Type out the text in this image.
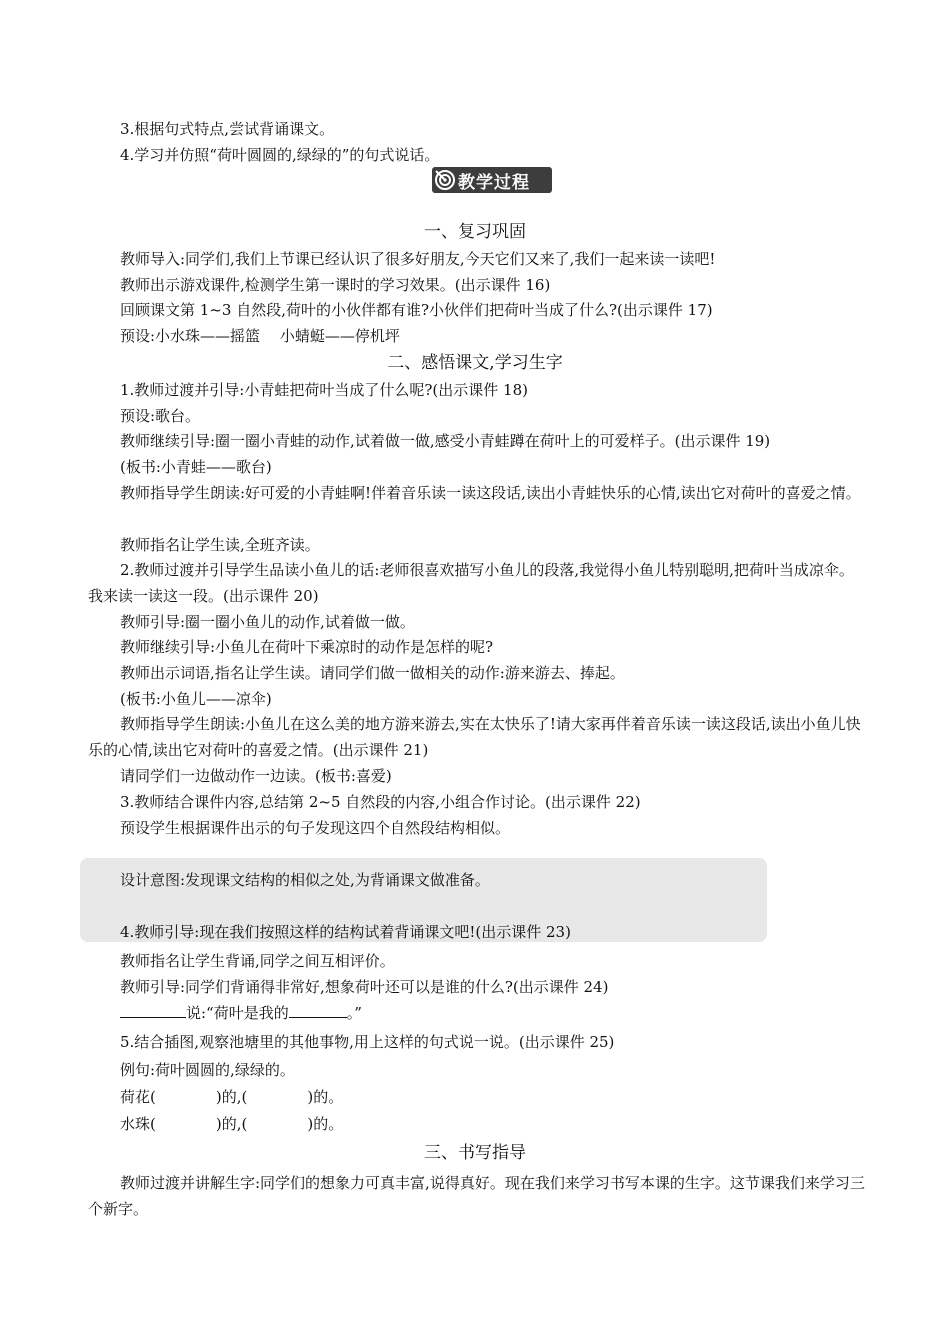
3.根据句式特点,尝试背诵课文。
4.学习并仿照“荷叶圆圆的,绿绿的”的句式说话。
教学过程
一、复习巩固
教师导入:同学们,我们上节课已经认识了很多好朋友,今天它们又来了,我们一起来读一读吧!
教师出示游戏课件,检测学生第一课时的学习效果。(出示课件 16)
回顾课文第 1~3 自然段,荷叶的小伙伴都有谁?小伙伴们把荷叶当成了什么?(出示课件 17)
预设:小水珠——摇篮　 小蜻蜓——停机坪
二、感悟课文,学习生字
1.教师过渡并引导:小青蛙把荷叶当成了什么呢?(出示课件 18)
预设:歌台。
教师继续引导:圈一圈小青蛙的动作,试着做一做,感受小青蛙蹲在荷叶上的可爱样子。(出示课件 19)
(板书:小青蛙——歌台)
教师指导学生朗读:好可爱的小青蛙啊!伴着音乐读一读这段话,读出小青蛙快乐的心情,读出它对荷叶的喜爱之情。
教师指名让学生读,全班齐读。
2.教师过渡并引导学生品读小鱼儿的话:老师很喜欢描写小鱼儿的段落,我觉得小鱼儿特别聪明,把荷叶当成凉伞。我来读一读这一段。(出示课件 20)
教师引导:圈一圈小鱼儿的动作,试着做一做。
教师继续引导:小鱼儿在荷叶下乘凉时的动作是怎样的呢?
教师出示词语,指名让学生读。请同学们做一做相关的动作:游来游去、捧起。
(板书:小鱼儿——凉伞)
教师指导学生朗读:小鱼儿在这么美的地方游来游去,实在太快乐了!请大家再伴着音乐读一读这段话,读出小鱼儿快乐的心情,读出它对荷叶的喜爱之情。(出示课件 21)
请同学们一边做动作一边读。(板书:喜爱)
3.教师结合课件内容,总结第 2~5 自然段的内容,小组合作讨论。(出示课件 22)
预设学生根据课件出示的句子发现这四个自然段结构相似。
设计意图:发现课文结构的相似之处,为背诵课文做准备。
4.教师引导:现在我们按照这样的结构试着背诵课文吧!(出示课件 23)
教师指名让学生背诵,同学之间互相评价。
教师引导:同学们背诵得非常好,想象荷叶还可以是谁的什么?(出示课件 24)
说:“荷叶是我的	。”
5.结合插图,观察池塘里的其他事物,用上这样的句式说一说。(出示课件 25)
例句:荷叶圆圆的,绿绿的。
荷花(	)的,(	)的。
水珠(	)的,(	)的。
三、书写指导
教师过渡并讲解生字:同学们的想象力可真丰富,说得真好。现在我们来学习书写本课的生字。这节课我们来学习三个新字。
